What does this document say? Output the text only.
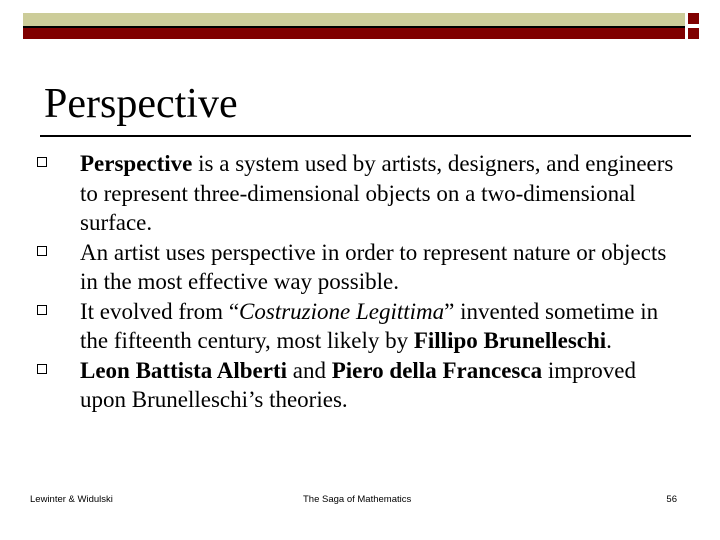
Perspective
Perspective is a system used by artists, designers, and engineers to represent three-dimensional objects on a two-dimensional surface.
An artist uses perspective in order to represent nature or objects in the most effective way possible.
It evolved from “Costruzione Legittima” invented sometime in the fifteenth century, most likely by Fillipo Brunelleschi.
Leon Battista Alberti and Piero della Francesca improved upon Brunelleschi’s theories.
Lewinter & Widulski	The Saga of Mathematics	56
